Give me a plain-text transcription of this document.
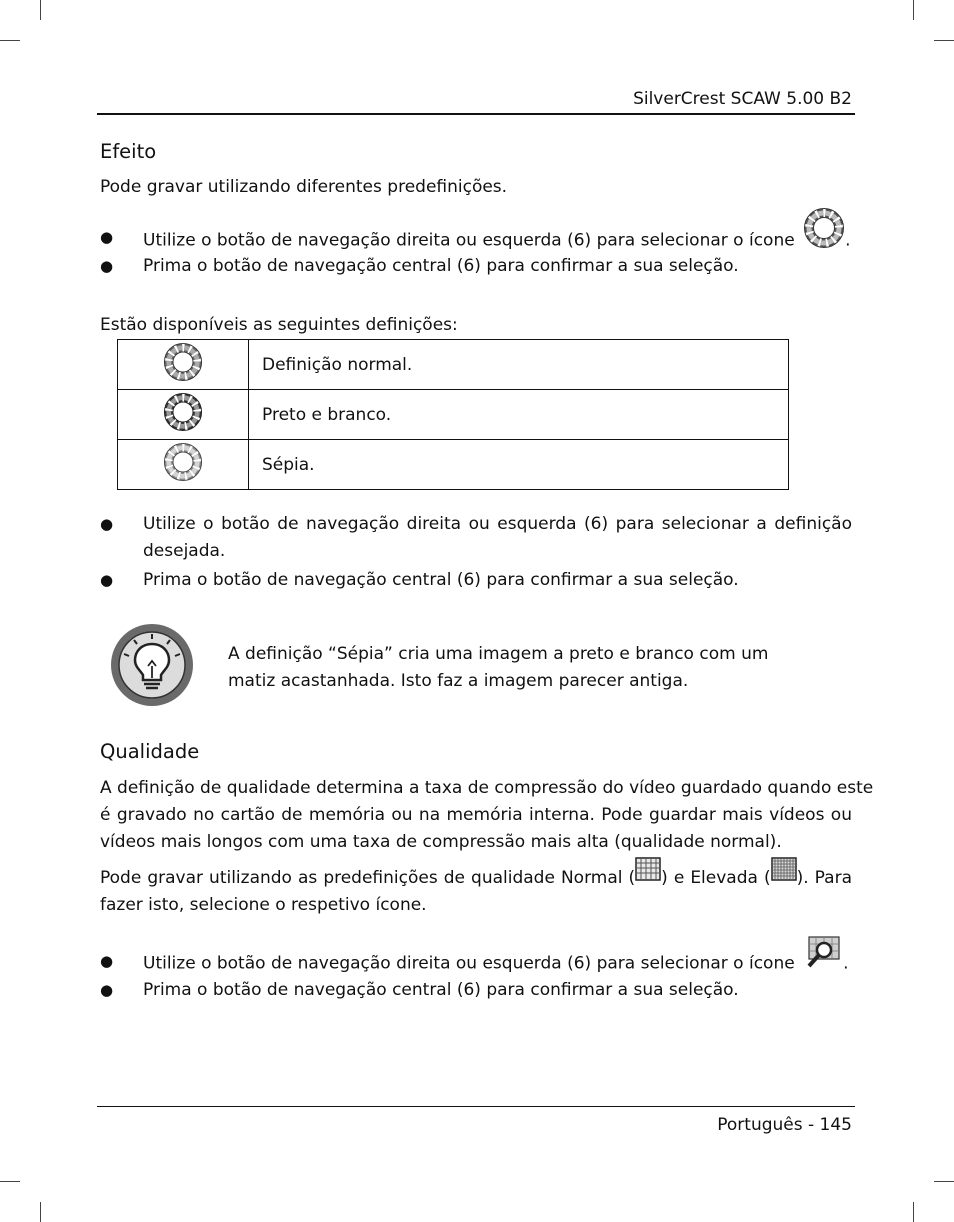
SilverCrest SCAW 5.00 B2
Efeito
Pode gravar utilizando diferentes predefinições.
● Utilize o botão de navegação direita ou esquerda (6) para selecionar o ícone	.
● Prima o botão de navegação central (6) para confirmar a sua seleção.
Estão disponíveis as seguintes definições:
	Definição normal.
	Preto e branco.
	Sépia.
● Utilize o botão de navegação direita ou esquerda (6) para selecionar a definição
desejada.
● Prima o botão de navegação central (6) para confirmar a sua seleção.
A definição “Sépia” cria uma imagem a preto e branco com um
matiz acastanhada. Isto faz a imagem parecer antiga.
Qualidade
A definição de qualidade determina a taxa de compressão do vídeo guardado quando este
é gravado no cartão de memória ou na memória interna. Pode guardar mais vídeos ou
vídeos mais longos com uma taxa de compressão mais alta (qualidade normal).
Pode gravar utilizando as predefinições de qualidade Normal ( ) e Elevada ( ). Para
fazer isto, selecione o respetivo ícone.
● Utilize o botão de navegação direita ou esquerda (6) para selecionar o ícone	.
● Prima o botão de navegação central (6) para confirmar a sua seleção.
Português - 145
